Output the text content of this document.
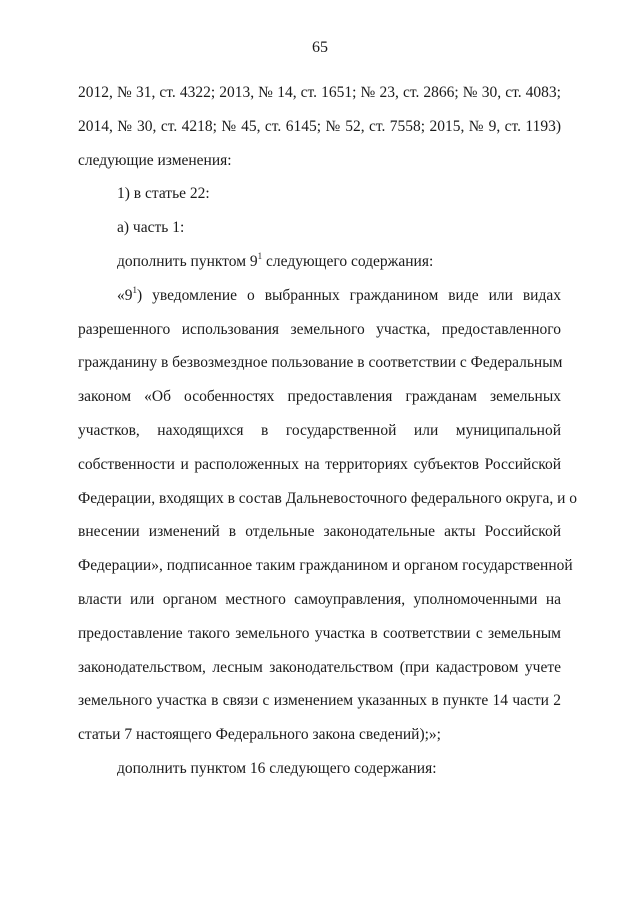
65
2012, № 31, ст. 4322; 2013, № 14, ст. 1651; № 23, ст. 2866; № 30, ст. 4083;
2014, № 30, ст. 4218; № 45, ст. 6145; № 52, ст. 7558; 2015, № 9, ст. 1193)
следующие изменения:
1) в статье 22:
а) часть 1:
дополнить пунктом $9^1$ следующего содержания:
«$9^1$) уведомление о выбранных гражданином виде или видах
разрешенного использования земельного участка, предоставленного
гражданину в безвозмездное пользование в соответствии с Федеральным
законом «Об особенностях предоставления гражданам земельных
участков, находящихся в государственной или муниципальной
собственности и расположенных на территориях субъектов Российской
Федерации, входящих в состав Дальневосточного федерального округа, и о
внесении изменений в отдельные законодательные акты Российской
Федерации», подписанное таким гражданином и органом государственной
власти или органом местного самоуправления, уполномоченными на
предоставление такого земельного участка в соответствии с земельным
законодательством, лесным законодательством (при кадастровом учете
земельного участка в связи с изменением указанных в пункте 14 части 2
статьи 7 настоящего Федерального закона сведений);»;
дополнить пунктом 16 следующего содержания:
